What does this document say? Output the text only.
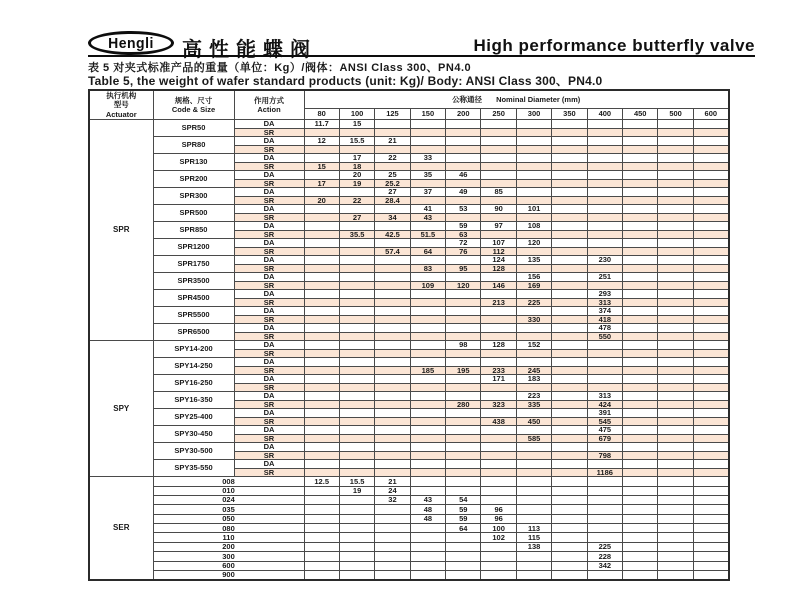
Hengli 高性能蝶阀	High performance butterfly valve
表 5 对夹式标准产品的重量（单位：Kg）/阀体：ANSI Class 300、PN4.0
Table 5, the weight of wafer standard products (unit: Kg)/ Body: ANSI Class 300、PN4.0
执行机构
型号
Actuator	规格、尺寸
Code & Size	作用方式
Action	公称通径 Nominal Diameter (mm)											
			80	100	125	150	200	250	300	350	400	450	500	600
SPR	SPR50	DA	11.7	15										
		SR												
	SPR80	DA	12	15.5	21									
		SR												
	SPR130	DA		17	22	33								
		SR	15	18										
	SPR200	DA		20	25	35	46							
		SR	17	19	25.2									
	SPR300	DA			27	37	49	85						
		SR	20	22	28.4									
	SPR500	DA				41	53	90	101					
		SR		27	34	43								
	SPR850	DA					59	97	108					
		SR		35.5	42.5	51.5	63							
	SPR1200	DA					72	107	120					
		SR			57.4	64	76	112						
	SPR1750	DA						124	135		230			
		SR				83	95	128						
	SPR3500	DA							156		251			
		SR				109	120	146	169					
	SPR4500	DA									293			
		SR						213	225		313			
	SPR5500	DA									374			
		SR							330		418			
	SPR6500	DA									478			
		SR									550			
SPY	SPY14-200	DA					98	128	152					
		SR												
	SPY14-250	DA												
		SR				185	195	233	245					
	SPY16-250	DA						171	183					
		SR												
	SPY16-350	DA							223		313			
		SR					280	323	335		424			
	SPY25-400	DA									391			
		SR						438	450		545			
	SPY30-450	DA									475			
		SR							585		679			
	SPY30-500	DA												
		SR									798			
	SPY35-550	DA												
		SR									1186			
SER	008		12.5	15.5	21									
	010			19	24									
	024				32	43	54							
	035					48	59	96						
	050					48	59	96						
	080						64	100	113					
	110							102	115					
	200								138		225			
	300										228			
	600										342			
	900													
